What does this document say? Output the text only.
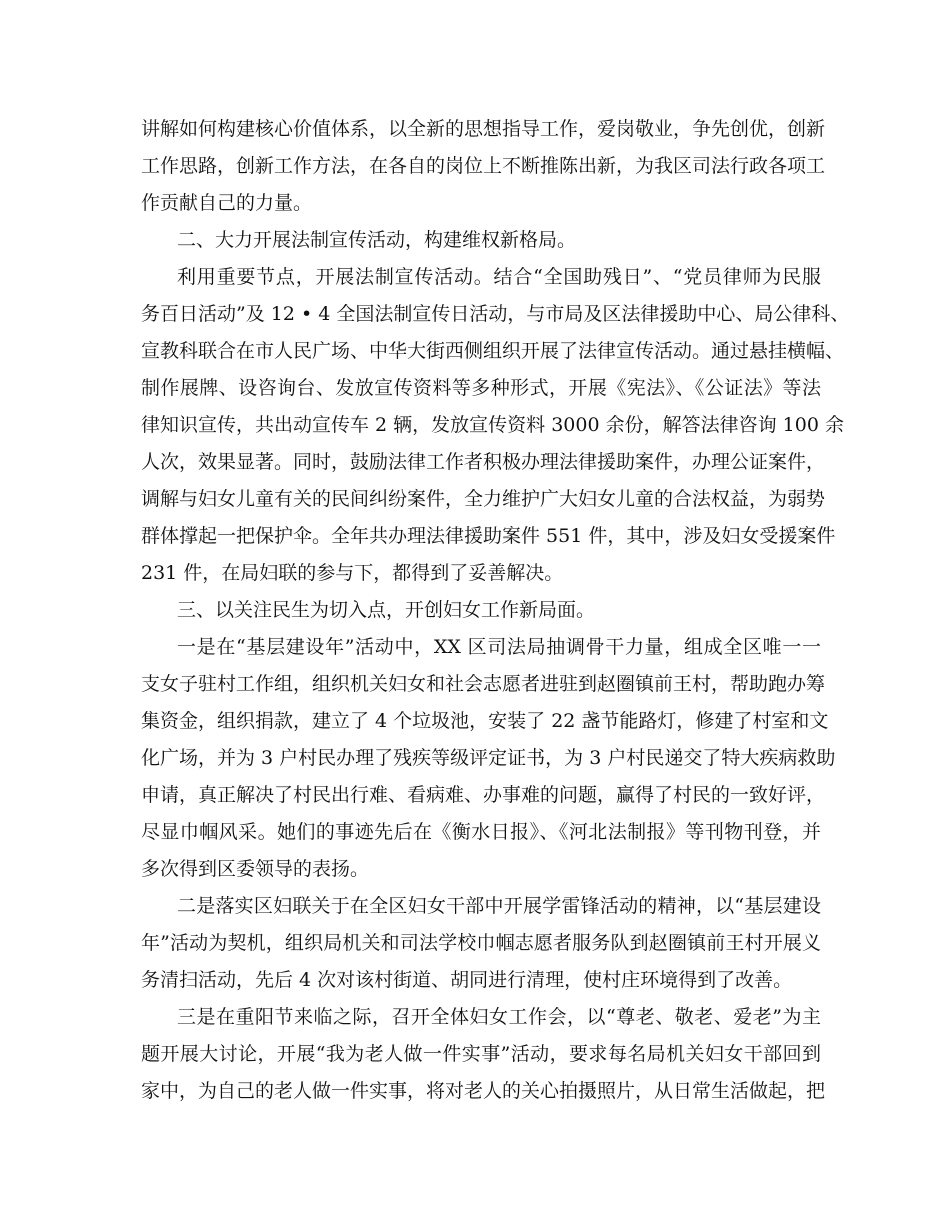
讲解如何构建核心价值体系，以全新的思想指导工作，爱岗敬业，争先创优，创新
工作思路，创新工作方法，在各自的岗位上不断推陈出新，为我区司法行政各项工
作贡献自己的力量。
二、大力开展法制宣传活动，构建维权新格局。
利用重要节点，开展法制宣传活动。结合“全国助残日”、“党员律师为民服
务百日活动”及 12 • 4 全国法制宣传日活动，与市局及区法律援助中心、局公律科、
宣教科联合在市人民广场、中华大街西侧组织开展了法律宣传活动。通过悬挂横幅、
制作展牌、设咨询台、发放宣传资料等多种形式，开展《宪法》、《公证法》等法
律知识宣传，共出动宣传车 2 辆，发放宣传资料 3000 余份，解答法律咨询 100 余
人次，效果显著。同时，鼓励法律工作者积极办理法律援助案件，办理公证案件，
调解与妇女儿童有关的民间纠纷案件，全力维护广大妇女儿童的合法权益，为弱势
群体撑起一把保护伞。全年共办理法律援助案件 551 件，其中，涉及妇女受援案件
231 件，在局妇联的参与下，都得到了妥善解决。
三、以关注民生为切入点，开创妇女工作新局面。
一是在“基层建设年”活动中，XX 区司法局抽调骨干力量，组成全区唯一一
支女子驻村工作组，组织机关妇女和社会志愿者进驻到赵圈镇前王村，帮助跑办筹
集资金，组织捐款，建立了 4 个垃圾池，安装了 22 盏节能路灯，修建了村室和文
化广场，并为 3 户村民办理了残疾等级评定证书，为 3 户村民递交了特大疾病救助
申请，真正解决了村民出行难、看病难、办事难的问题，赢得了村民的一致好评，
尽显巾帼风采。她们的事迹先后在《衡水日报》、《河北法制报》等刊物刊登，并
多次得到区委领导的表扬。
二是落实区妇联关于在全区妇女干部中开展学雷锋活动的精神，以“基层建设
年”活动为契机，组织局机关和司法学校巾帼志愿者服务队到赵圈镇前王村开展义
务清扫活动，先后 4 次对该村街道、胡同进行清理，使村庄环境得到了改善。
三是在重阳节来临之际，召开全体妇女工作会，以“尊老、敬老、爱老”为主
题开展大讨论，开展“我为老人做一件实事”活动，要求每名局机关妇女干部回到
家中，为自己的老人做一件实事，将对老人的关心拍摄照片，从日常生活做起，把
